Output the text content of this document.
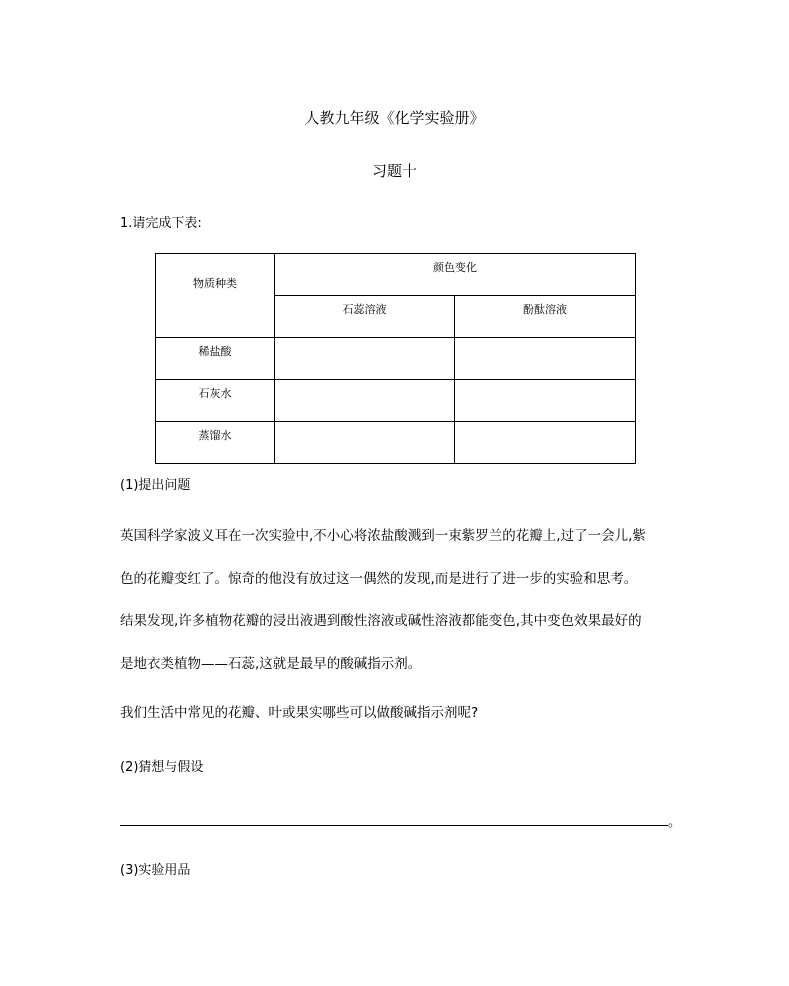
人教九年级《化学实验册》
习题十
1.请完成下表:
物质种类	颜色变化	

	石蕊溶液	酚酞溶液

稀盐酸		

石灰水		

蒸馏水		

(1)提出问题
英国科学家波义耳在一次实验中,不小心将浓盐酸溅到一束紫罗兰的花瓣上,过了一会儿,紫
色的花瓣变红了。惊奇的他没有放过这一偶然的发现,而是进行了进一步的实验和思考。
结果发现,许多植物花瓣的浸出液遇到酸性溶液或碱性溶液都能变色,其中变色效果最好的
是地衣类植物——石蕊,这就是最早的酸碱指示剂。
我们生活中常见的花瓣、叶或果实哪些可以做酸碱指示剂呢?
(2)猜想与假设
。
(3)实验用品
